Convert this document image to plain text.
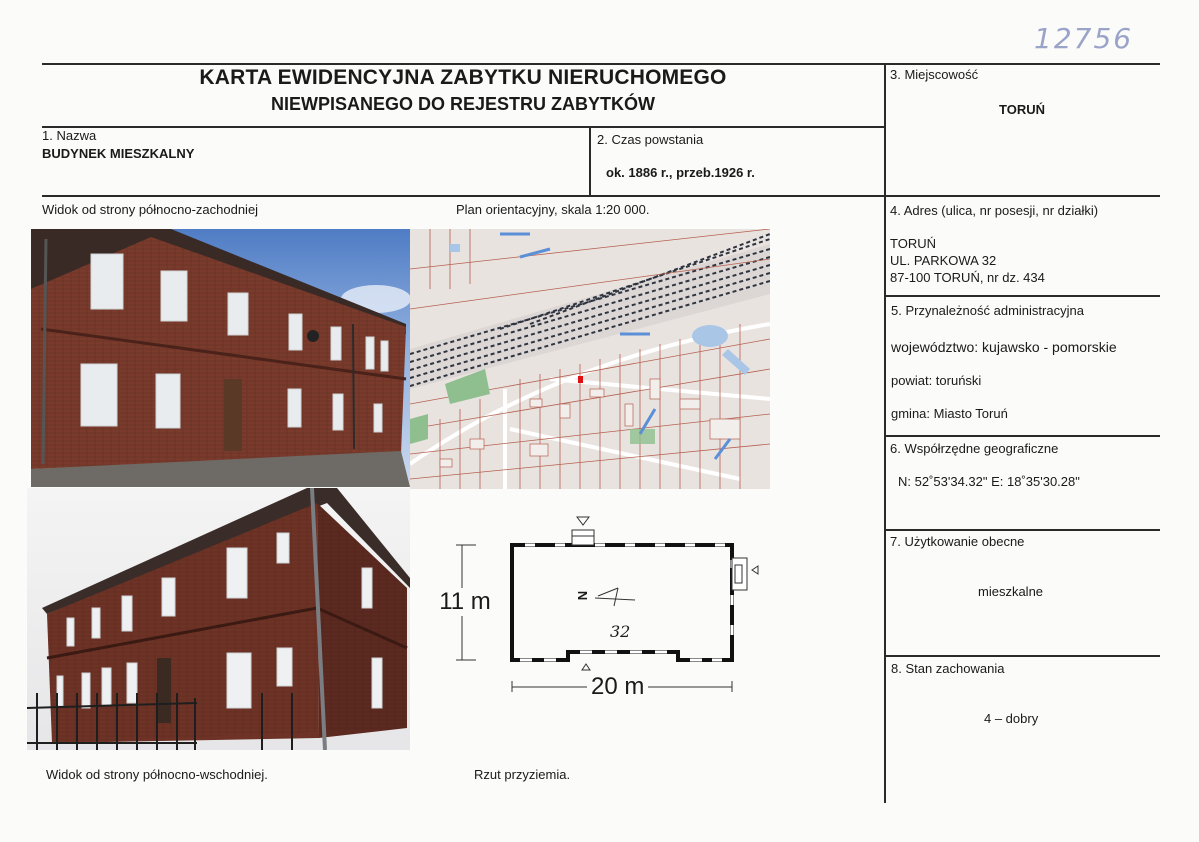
12756
KARTA EWIDENCYJNA ZABYTKU NIERUCHOMEGO
NIEWPISANEGO DO REJESTRU ZABYTKÓW
1. Nazwa
BUDYNEK MIESZKALNY
2. Czas powstania
ok. 1886 r., przeb.1926 r.
3. Miejscowość
TORUŃ
4. Adres (ulica, nr posesji, nr działki)
TORUŃ
UL. PARKOWA 32
87-100 TORUŃ, nr dz. 434
5. Przynależność administracyjna
województwo: kujawsko - pomorskie
powiat: toruński
gmina: Miasto Toruń
6. Współrzędne geograficzne
N: 52˚53'34.32" E: 18˚35'30.28"
7. Użytkowanie obecne
mieszkalne
8. Stan zachowania
4 – dobry
Widok od strony północno-zachodniej	Plan orientacyjny, skala 1:20 000.
Widok od strony północno-wschodniej.	Rzut przyziemia.
11 m
20 m
32
N
